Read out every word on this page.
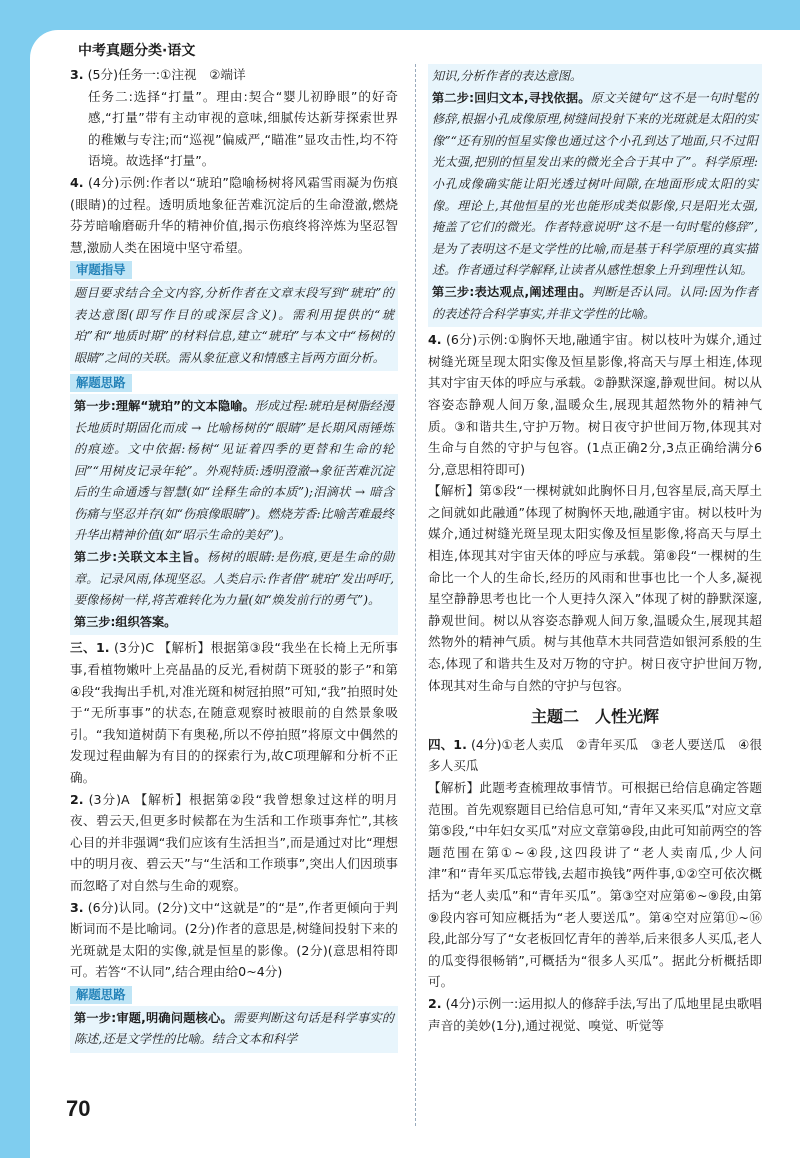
中考真题分类·语文

3. (5分)任务一:①注视　②端详

任务二:选择“打量”。理由:契合“婴儿初睁眼”的好奇感,“打量”带有主动审视的意味,细腻传达新芽探索世界的稚嫩与专注;而“巡视”偏威严,“瞄准”显攻击性,均不符语境。故选择“打量”。

4. (4分)示例:作者以“琥珀”隐喻杨树将风霜雪雨凝为伤痕(眼睛)的过程。透明质地象征苦难沉淀后的生命澄澈,燃烧芬芳暗喻磨砺升华的精神价值,揭示伤痕终将淬炼为坚忍智慧,激励人类在困境中坚守希望。

审题指导
题目要求结合全文内容,分析作者在文章末段写到“琥珀”的表达意图(即写作目的或深层含义)。需利用提供的“琥珀”和“地质时期”的材料信息,建立“琥珀”与本文中“杨树的眼睛”之间的关联。需从象征意义和情感主旨两方面分析。
解题思路
第一步:理解“琥珀”的文本隐喻。形成过程:琥珀是树脂经漫长地质时期固化而成 → 比喻杨树的“眼睛”是长期风雨锤炼的痕迹。文中依据:杨树“见证着四季的更替和生命的轮回”“用树皮记录年轮”。外观特质:透明澄澈→象征苦难沉淀后的生命通透与智慧(如“诠释生命的本质”);泪滴状 → 暗含伤痛与坚忍并存(如“伤痕像眼睛”)。燃烧芳香:比喻苦难最终升华出精神价值(如“昭示生命的美好”)。
第二步:关联文本主旨。杨树的眼睛:是伤痕,更是生命的勋章。记录风雨,体现坚忍。人类启示:作者借“琥珀”发出呼吁,要像杨树一样,将苦难转化为力量(如“焕发前行的勇气”)。
第三步:组织答案。

三、1. (3分)C 【解析】根据第③段“我坐在长椅上无所事事,看植物嫩叶上亮晶晶的反光,看树荫下斑驳的影子”和第④段“我掏出手机,对准光斑和树冠拍照”可知,“我”拍照时处于“无所事事”的状态,在随意观察时被眼前的自然景象吸引。“我知道树荫下有奥秘,所以不停拍照”将原文中偶然的发现过程曲解为有目的的探索行为,故C项理解和分析不正确。

2. (3分)A 【解析】根据第②段“我曾想象过这样的明月夜、碧云天,但更多时候都在为生活和工作琐事奔忙”,其核心目的并非强调“我们应该有生活担当”,而是通过对比“理想中的明月夜、碧云天”与“生活和工作琐事”,突出人们因琐事而忽略了对自然与生命的观察。

3. (6分)认同。(2分)文中“这就是”的“是”,作者更倾向于判断词而不是比喻词。(2分)作者的意思是,树缝间投射下来的光斑就是太阳的实像,就是恒星的影像。(2分)(意思相符即可。若答“不认同”,结合理由给0~4分)

解题思路
第一步:审题,明确问题核心。需要判断这句话是科学事实的陈述,还是文学性的比喻。结合文本和科学
知识,分析作者的表达意图。
第二步:回归文本,寻找依据。原文关键句“这不是一句时髦的修辞,根据小孔成像原理,树缝间投射下来的光斑就是太阳的实像”“还有别的恒星实像也通过这个小孔到达了地面,只不过阳光太强,把别的恒星发出来的微光全合于其中了”。科学原理:小孔成像确实能让阳光透过树叶间隙,在地面形成太阳的实像。理论上,其他恒星的光也能形成类似影像,只是阳光太强,掩盖了它们的微光。作者特意说明“这不是一句时髦的修辞”,是为了表明这不是文学性的比喻,而是基于科学原理的真实描述。作者通过科学解释,让读者从感性想象上升到理性认知。
第三步:表达观点,阐述理由。判断是否认同。认同:因为作者的表述符合科学事实,并非文学性的比喻。

4. (6分)示例:①胸怀天地,融通宇宙。树以枝叶为媒介,通过树缝光斑呈现太阳实像及恒星影像,将高天与厚土相连,体现其对宇宙天体的呼应与承载。②静默深邃,静观世间。树以从容姿态静观人间万象,温暖众生,展现其超然物外的精神气质。③和谐共生,守护万物。树日夜守护世间万物,体现其对生命与自然的守护与包容。(1点正确2分,3点正确给满分6分,意思相符即可)

【解析】第⑤段“一棵树就如此胸怀日月,包容星辰,高天厚土之间就如此融通”体现了树胸怀天地,融通宇宙。树以枝叶为媒介,通过树缝光斑呈现太阳实像及恒星影像,将高天与厚土相连,体现其对宇宙天体的呼应与承载。第⑧段“一棵树的生命比一个人的生命长,经历的风雨和世事也比一个人多,凝视星空静静思考也比一个人更持久深入”体现了树的静默深邃,静观世间。树以从容姿态静观人间万象,温暖众生,展现其超然物外的精神气质。树与其他草木共同营造如银河系般的生态,体现了和谐共生及对万物的守护。树日夜守护世间万物,体现其对生命与自然的守护与包容。

主题二　人性光辉

四、1. (4分)①老人卖瓜　②青年买瓜　③老人要送瓜　④很多人买瓜

【解析】此题考查梳理故事情节。可根据已给信息确定答题范围。首先观察题目已给信息可知,“青年又来买瓜”对应文章第⑤段,“中年妇女买瓜”对应文章第⑩段,由此可知前两空的答题范围在第①~④段,这四段讲了“老人卖南瓜,少人问津”和“青年买瓜忘带钱,去超市换钱”两件事,①②空可依次概括为“老人卖瓜”和“青年买瓜”。第③空对应第⑥~⑨段,由第⑨段内容可知应概括为“老人要送瓜”。第④空对应第⑪~⑯段,此部分写了“女老板回忆青年的善举,后来很多人买瓜,老人的瓜变得很畅销”,可概括为“很多人买瓜”。据此分析概括即可。

2. (4分)示例一:运用拟人的修辞手法,写出了瓜地里昆虫歌唱声音的美妙(1分),通过视觉、嗅觉、听觉等

70
